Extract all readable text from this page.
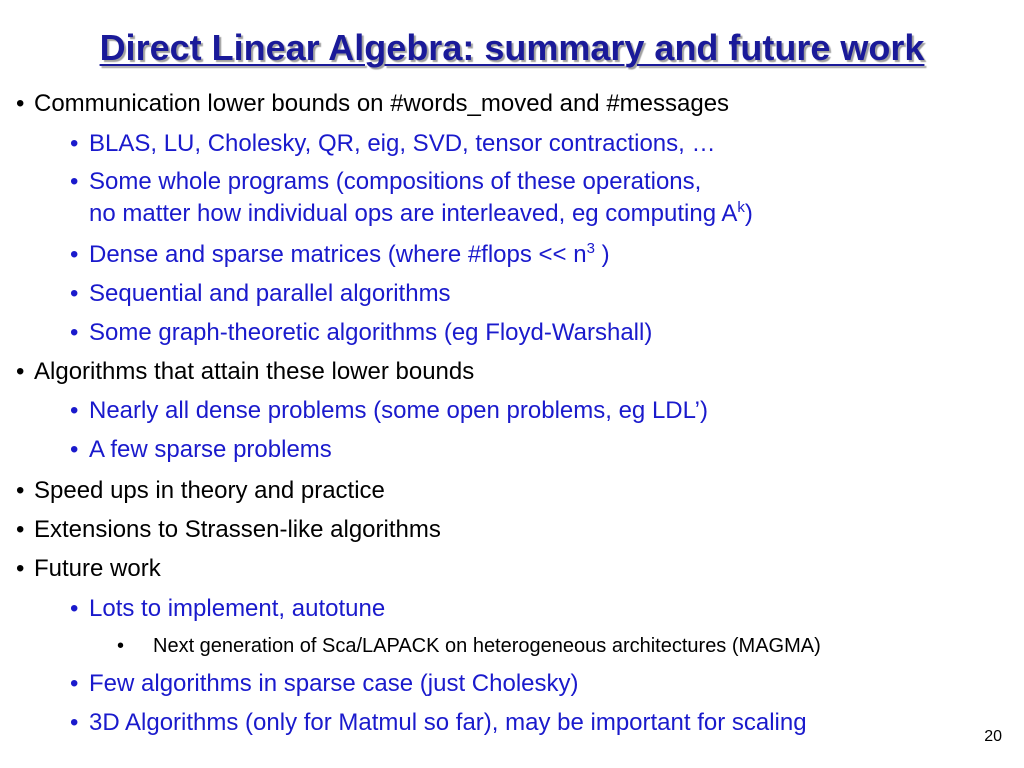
Direct Linear Algebra: summary and future work
• Communication lower bounds on #words_moved and #messages
• BLAS, LU, Cholesky, QR, eig, SVD, tensor contractions, …
• Some whole programs (compositions of these operations,
no matter how individual ops are interleaved, eg computing $A^k$)
• Dense and sparse matrices (where #flops << $n^3$ )
• Sequential and parallel algorithms
• Some graph-theoretic algorithms (eg Floyd-Warshall)
• Algorithms that attain these lower bounds
• Nearly all dense problems (some open problems, eg LDL’)
• A few sparse problems
• Speed ups in theory and practice
• Extensions to Strassen-like algorithms
• Future work
• Lots to implement, autotune
• Next generation of Sca/LAPACK on heterogeneous architectures (MAGMA)
• Few algorithms in sparse case (just Cholesky)
• 3D Algorithms (only for Matmul so far), may be important for scaling
20
